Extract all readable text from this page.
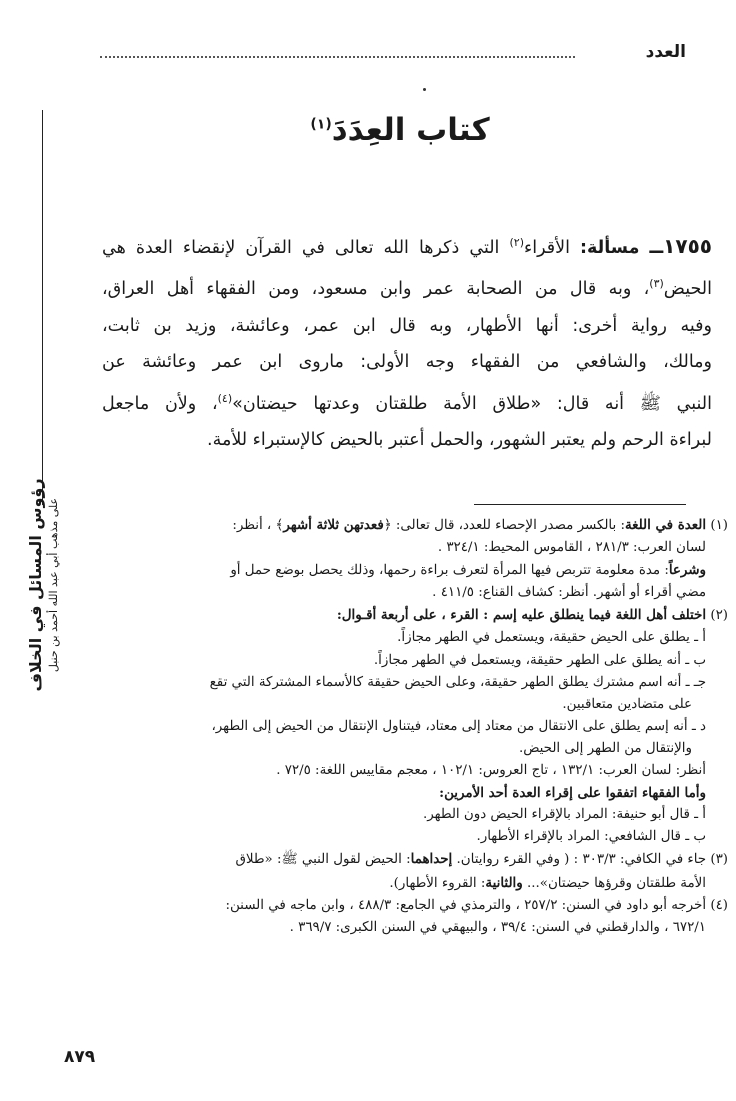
العدد
رؤوس المسائل في الخلاف على مذهب أبي عبد الله أحمد بن حنبل
كتاب العِدَدَ$^{(١)}$
١٧٥٥ــ مسألة: الأقراء$^{(٢)}$ التي ذكرها الله تعالى في القرآن لإنقضاء العدة هي
الحيض$^{(٣)}$، وبه قال من الصحابة عمر وابن مسعود، ومن الفقهاء أهل العراق،
وفيه رواية أخرى: أنها الأطهار، وبه قال ابن عمر، وعائشة، وزيد بن ثابت،
ومالك، والشافعي من الفقهاء وجه الأولى: ماروى ابن عمر وعائشة عن
النبي ﷺ أنه قال: «طلاق الأمة طلقتان وعدتها حيضتان»$^{(٤)}$، ولأن ماجعل
لبراءة الرحم ولم يعتبر الشهور، والحمل أعتبر بالحيض كالإستبراء للأمة.
(١) العدة في اللغة: بالكسر مصدر الإحصاء للعدد، قال تعالى: ﴿فعدتهن ثلاثة أشهر﴾ ، أنظر:
لسان العرب: ٢٨١/٣ ، القاموس المحيط: ٣٢٤/١ .
وشرعاً: مدة معلومة تتربص فيها المرأة لتعرف براءة رحمها، وذلك يحصل بوضع حمل أو
مضي أقراء أو أشهر. أنظر: كشاف القناع: ٤١١/٥ .
(٢) اختلف أهل اللغة فيما ينطلق عليه إسم : القرء ، على أربعة أقـوال:
أ ـ يطلق على الحيض حقيقة، ويستعمل في الطهر مجازاً.
ب ـ أنه يطلق على الطهر حقيقة، ويستعمل في الطهر مجازاً.
جـ ـ أنه اسم مشترك يطلق الطهر حقيقة، وعلى الحيض حقيقة كالأسماء المشتركة التي تقع
على متضادين متعاقبين.
د ـ أنه إسم يطلق على الانتقال من معتاد إلى معتاد، فيتناول الإنتقال من الحيض إلى الطهر،
والإنتقال من الطهر إلى الحيض.
أنظر: لسان العرب: ١٣٢/١ ، تاج العروس: ١٠٢/١ ، معجم مقاييس اللغة: ٧٢/٥ .
وأما الفقهاء اتفقوا على إقراء العدة أحد الأمرين:
أ ـ قال أبو حنيفة: المراد بالإقراء الحيض دون الطهر.
ب ـ قال الشافعي: المراد بالإقراء الأطهار.
(٣) جاء في الكافي: ٣٠٣/٣ : ( وفي القرء روايتان. إحداهما: الحيض لقول النبي ﷺ: «طلاق
الأمة طلقتان وقرؤها حيضتان»... والثانية: القروء الأطهار).
(٤) أخرجه أبو داود في السنن: ٢٥٧/٢ ، والترمذي في الجامع: ٤٨٨/٣ ، وابن ماجه في السنن:
٦٧٢/١ ، والدارقطني في السنن: ٣٩/٤ ، والبيهقي في السنن الكبرى: ٣٦٩/٧ .
٨٧٩
